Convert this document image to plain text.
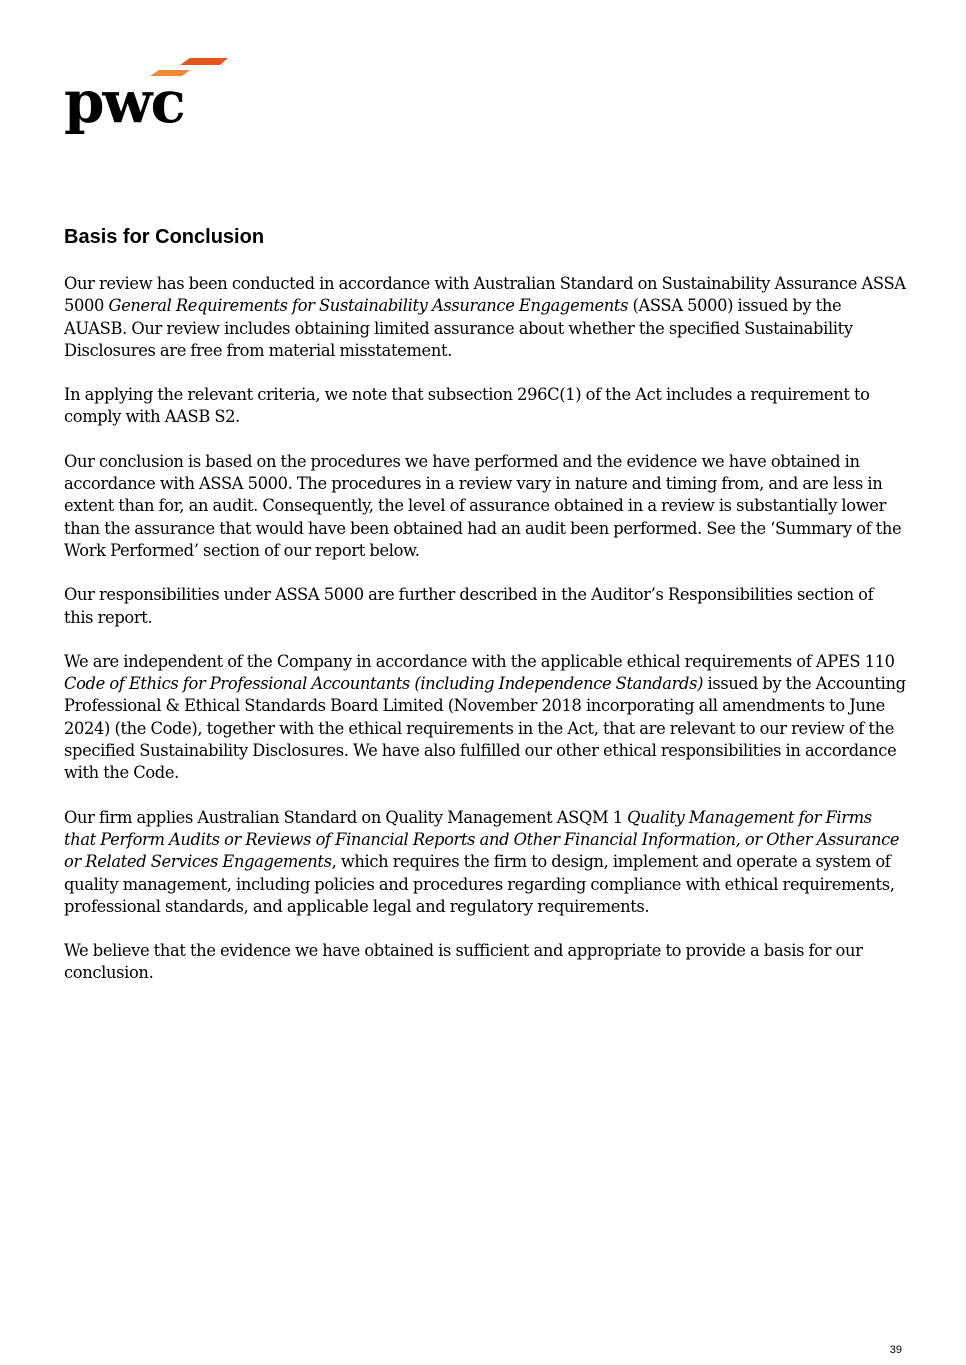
pwc
Basis for Conclusion

Our review has been conducted in accordance with Australian Standard on Sustainability Assurance ASSA 5000 General Requirements for Sustainability Assurance Engagements (ASSA 5000) issued by the AUASB. Our review includes obtaining limited assurance about whether the specified Sustainability Disclosures are free from material misstatement.

In applying the relevant criteria, we note that subsection 296C(1) of the Act includes a requirement to comply with AASB S2.

Our conclusion is based on the procedures we have performed and the evidence we have obtained in accordance with ASSA 5000. The procedures in a review vary in nature and timing from, and are less in extent than for, an audit. Consequently, the level of assurance obtained in a review is substantially lower than the assurance that would have been obtained had an audit been performed. See the ‘Summary of the Work Performed’ section of our report below.

Our responsibilities under ASSA 5000 are further described in the Auditor’s Responsibilities section of this report.

We are independent of the Company in accordance with the applicable ethical requirements of APES 110 Code of Ethics for Professional Accountants (including Independence Standards) issued by the Accounting Professional & Ethical Standards Board Limited (November 2018 incorporating all amendments to June 2024) (the Code), together with the ethical requirements in the Act, that are relevant to our review of the specified Sustainability Disclosures. We have also fulfilled our other ethical responsibilities in accordance with the Code.

Our firm applies Australian Standard on Quality Management ASQM 1 Quality Management for Firms that Perform Audits or Reviews of Financial Reports and Other Financial Information, or Other Assurance or Related Services Engagements, which requires the firm to design, implement and operate a system of quality management, including policies and procedures regarding compliance with ethical requirements, professional standards, and applicable legal and regulatory requirements.

We believe that the evidence we have obtained is sufficient and appropriate to provide a basis for our conclusion.

39
